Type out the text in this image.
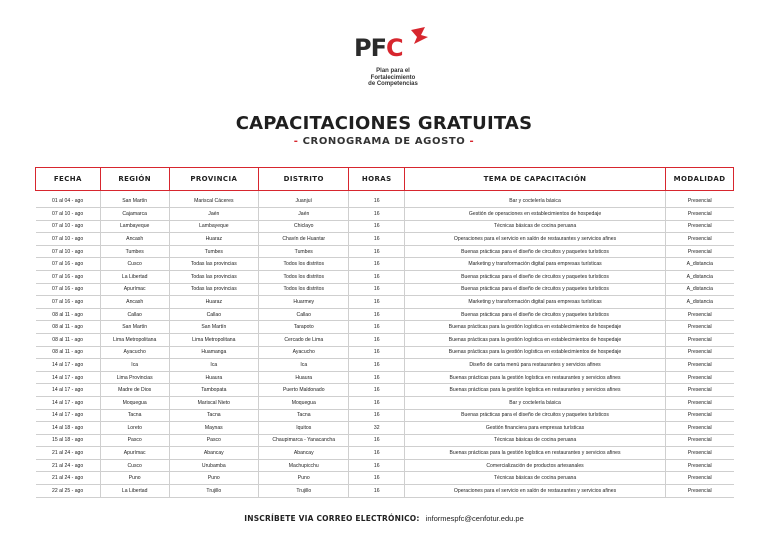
PFC
Plan para el
Fortalecimiento
de Competencias
CAPACITACIONES GRATUITAS
- CRONOGRAMA DE AGOSTO -
FECHA	REGIÓN	PROVINCIA	DISTRITO	HORAS	TEMA DE CAPACITACIÓN	MODALIDAD
01 al 04 - ago	San Martín	Mariscal Cáceres	Juanjuí	16	Bar y coctelería básica	Presencial
07 al 10 - ago	Cajamarca	Jaén	Jaén	16	Gestión de operaciones en establecimientos de hospedaje	Presencial
07 al 10 - ago	Lambayeque	Lambayeque	Chiclayo	16	Técnicas básicas de cocina peruana	Presencial
07 al 10 - ago	Ancash	Huaraz	Chavín de Huantar	16	Operaciones para el servicio en salón de restaurantes y servicios afines	Presencial
07 al 10 - ago	Tumbes	Tumbes	Tumbes	16	Buenas prácticas para el diseño de circuitos y paquetes turísticos	Presencial
07 al 16 - ago	Cusco	Todas las provincias	Todos los distritos	16	Marketing y transformación digital para empresas turísticas	A_distancia
07 al 16 - ago	La Libertad	Todas las provincias	Todos los distritos	16	Buenas prácticas para el diseño de circuitos y paquetes turísticos	A_distancia
07 al 16 - ago	Apurímac	Todas las provincias	Todos los distritos	16	Buenas prácticas para el diseño de circuitos y paquetes turísticos	A_distancia
07 al 16 - ago	Ancash	Huaraz	Huarmey	16	Marketing y transformación digital para empresas turísticas	A_distancia
08 al 11 - ago	Callao	Callao	Callao	16	Buenas prácticas para el diseño de circuitos y paquetes turísticos	Presencial
08 al 11 - ago	San Martín	San Martín	Tarapoto	16	Buenas prácticas para la gestión logística en establecimientos de hospedaje	Presencial
08 al 11 - ago	Lima Metropolitana	Lima Metropolitana	Cercado de Lima	16	Buenas prácticas para la gestión logística en establecimientos de hospedaje	Presencial
08 al 11 - ago	Ayacucho	Huamanga	Ayacucho	16	Buenas prácticas para la gestión logística en establecimientos de hospedaje	Presencial
14 al 17 - ago	Ica	Ica	Ica	16	Diseño de carta menú para restaurantes y servicios afines	Presencial
14 al 17 - ago	Lima Provincias	Huaura	Huaura	16	Buenas prácticas para la gestión logística en restaurantes y servicios afines	Presencial
14 al 17 - ago	Madre de Dios	Tambopata	Puerto Maldonado	16	Buenas prácticas para la gestión logística en restaurantes y servicios afines	Presencial
14 al 17 - ago	Moquegua	Mariscal Nieto	Moquegua	16	Bar y coctelería básica	Presencial
14 al 17 - ago	Tacna	Tacna	Tacna	16	Buenas prácticas para el diseño de circuitos y paquetes turísticos	Presencial
14 al 18 - ago	Loreto	Maynas	Iquitos	32	Gestión financiera para empresas turísticas	Presencial
15 al 18 - ago	Pasco	Pasco	Chaupimarca - Yanacancha	16	Técnicas básicas de cocina peruana	Presencial
21 al 24 - ago	Apurímac	Abancay	Abancay	16	Buenas prácticas para la gestión logística en restaurantes y servicios afines	Presencial
21 al 24 - ago	Cusco	Urubamba	Machupicchu	16	Comercialización de productos artesanales	Presencial
21 al 24 - ago	Puno	Puno	Puno	16	Técnicas básicas de cocina peruana	Presencial
22 al 25 - ago	La Libertad	Trujillo	Trujillo	16	Operaciones para el servicio en salón de restaurantes y servicios afines	Presencial
INSCRÍBETE VIA CORREO ELECTRÓNICO: informespfc@cenfotur.edu.pe
